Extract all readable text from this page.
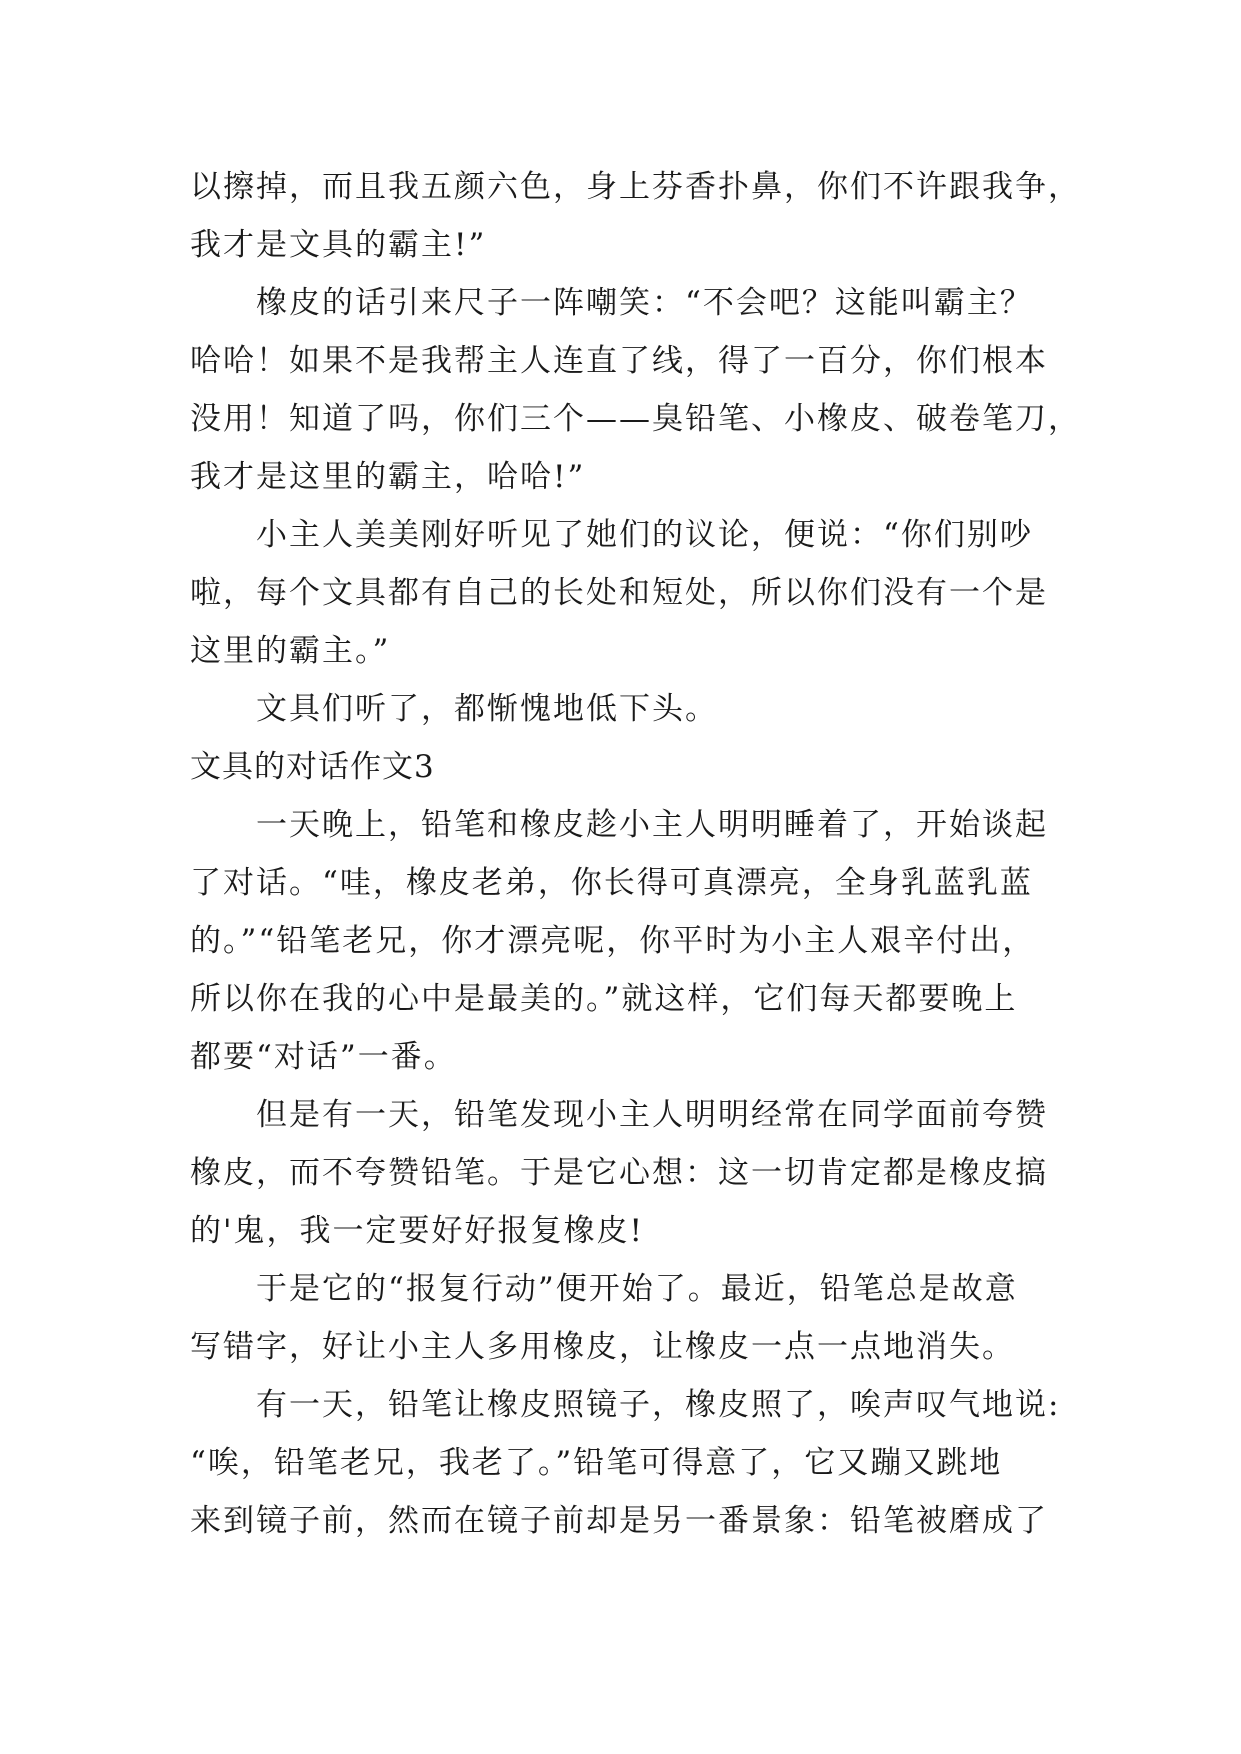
以擦掉，而且我五颜六色，身上芬香扑鼻，你们不许跟我争，
我才是文具的霸主!”
橡皮的话引来尺子一阵嘲笑：“不会吧？这能叫霸主？
哈哈！如果不是我帮主人连直了线，得了一百分，你们根本
没用！知道了吗，你们三个——臭铅笔、小橡皮、破卷笔刀，
我才是这里的霸主，哈哈!”
小主人美美刚好听见了她们的议论，便说：“你们别吵
啦，每个文具都有自己的长处和短处，所以你们没有一个是
这里的霸主。”
文具们听了，都惭愧地低下头。
文具的对话作文3
一天晚上，铅笔和橡皮趁小主人明明睡着了，开始谈起
了对话。“哇，橡皮老弟，你长得可真漂亮，全身乳蓝乳蓝
的。”“铅笔老兄，你才漂亮呢，你平时为小主人艰辛付出，
所以你在我的心中是最美的。”就这样，它们每天都要晚上
都要“对话”一番。
但是有一天，铅笔发现小主人明明经常在同学面前夸赞
橡皮，而不夸赞铅笔。于是它心想：这一切肯定都是橡皮搞
的'鬼，我一定要好好报复橡皮!
于是它的“报复行动”便开始了。最近，铅笔总是故意
写错字，好让小主人多用橡皮，让橡皮一点一点地消失。
有一天，铅笔让橡皮照镜子，橡皮照了，唉声叹气地说:
“唉，铅笔老兄，我老了。”铅笔可得意了，它又蹦又跳地
来到镜子前，然而在镜子前却是另一番景象：铅笔被磨成了
